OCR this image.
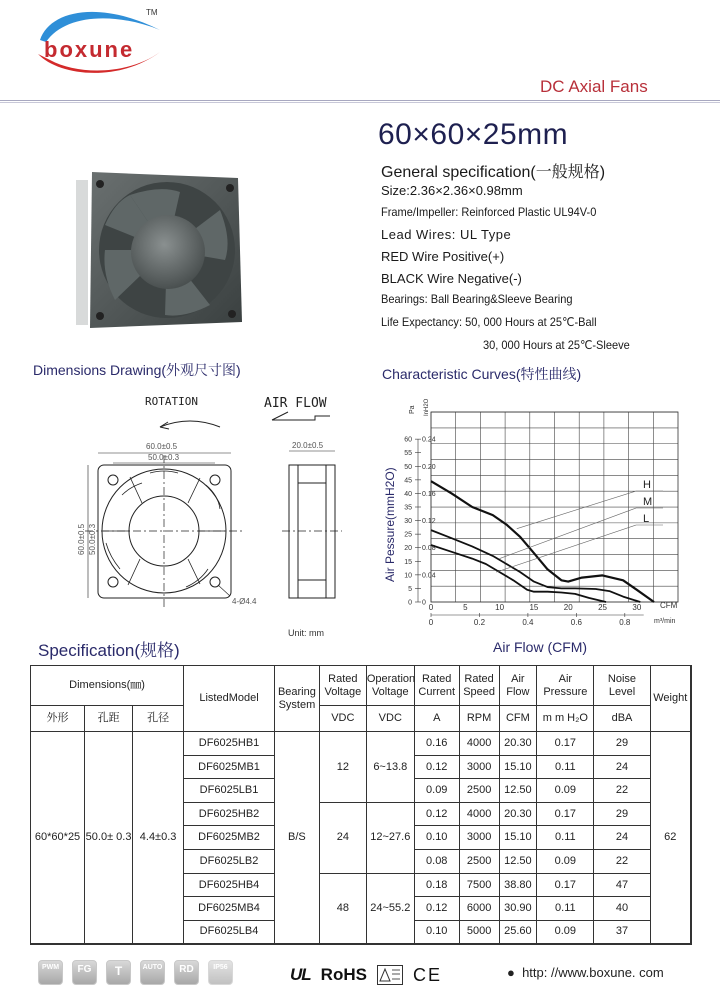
boxune
TM
DC Axial Fans
60×60×25mm
General specification(一般规格)
Size:2.36×2.36×0.98mm
Frame/Impeller: Reinforced Plastic UL94V-0
Lead Wires: UL Type
RED Wire Positive(+)
BLACK Wire Negative(-)
Bearings: Ball Bearing&Sleeve Bearing
Life Expectancy: 50, 000 Hours at 25℃-Ball
30, 000 Hours at 25℃-Sleeve
Dimensions Drawing(外观尺寸图)
ROTATION	AIR FLOW
60.0±0.5
50.0±0.3
60.0±0.5 50.0±0.3
20.0±0.5
4-Ø4.4
Unit: mm
Characteristic Curves(特性曲线)
0
5
10
15
20
25
30
35
40
45
50
55
60
0
0.04
0.08
0.12
0.16
0.20
0.24
0	5	10	15	20	25	30
0	0.2	0.4	0.6	0.8
H
M
L
Pa InH2O
Air Pessure(mmH2O)
CFM
m³/min
Air Flow (CFM)
Specification(规格)
Dimensions(㎜)			ListedModel	Bearing System	Rated Voltage	Operation Voltage	Rated Current	Rated Speed	Air Flow	Air Pressure	Noise Level	Weight
外形	孔距	孔径			VDC	VDC	A	RPM	CFM	m m H₂O	dBA	
60*60*25	50.0± 0.3	4.4±0.3	DF6025HB1	B/S	12	6~13.8	0.16	4000	20.30	0.17	29	62
			DF6025MB1				0.12	3000	15.10	0.11	24	
			DF6025LB1				0.09	2500	12.50	0.09	22	
			DF6025HB2		24	12~27.6	0.12	4000	20.30	0.17	29	
			DF6025MB2				0.10	3000	15.10	0.11	24	
			DF6025LB2				0.08	2500	12.50	0.09	22	
			DF6025HB4		48	24~55.2	0.18	7500	38.80	0.17	47	
			DF6025MB4				0.12	6000	30.90	0.11	40	
			DF6025LB4				0.10	5000	25.60	0.09	37	
PWM	FG	T	AUTO	RD	IP56	UL RoHS	CE	●  http: //www.boxune. com
